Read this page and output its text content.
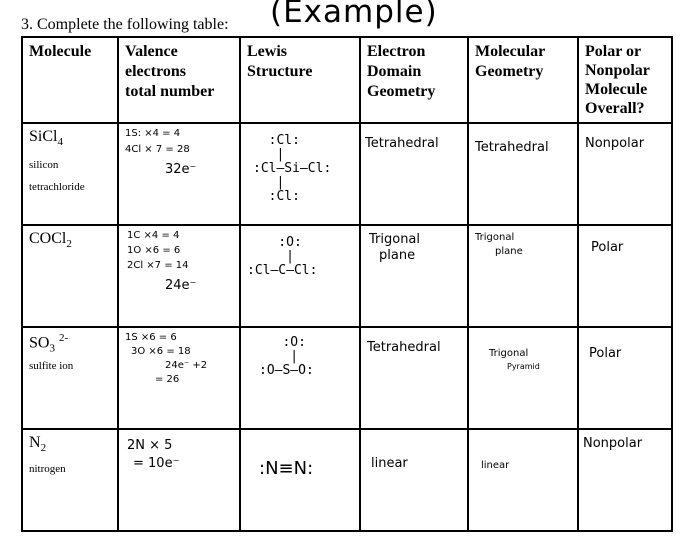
3. Complete the following table: (Example)
Molecule	Valence
electrons
total number	Lewis
Structure	Electron
Domain
Geometry	Molecular
Geometry	Polar or
Nonpolar
Molecule
Overall?

SiCl$_4$
silicon
tetrachloride	1S: ×4 = 4
4Cl × 7 = 28
32e⁻	:Cl:
|
:Cl—Si—Cl:
|
:Cl:	Tetrahedral	Tetrahedral	Nonpolar

COCl$_2$	1C ×4 = 4
1O ×6 = 6
2Cl ×7 = 14
24e⁻	:O:
|
:Cl—C—Cl:	Trigonal
plane	Trigonal
plane	Polar

$SO_3$ $^{2-}$
sulfite ion	1S ×6 = 6
3O ×6 = 18
24e⁻ +2
= 26	:O:
|
:O—S—O:	Tetrahedral	Trigonal
Pyramid	Polar

$N_2$
nitrogen	2N × 5
= 10e⁻	:N≡N:	linear	linear	Nonpolar
